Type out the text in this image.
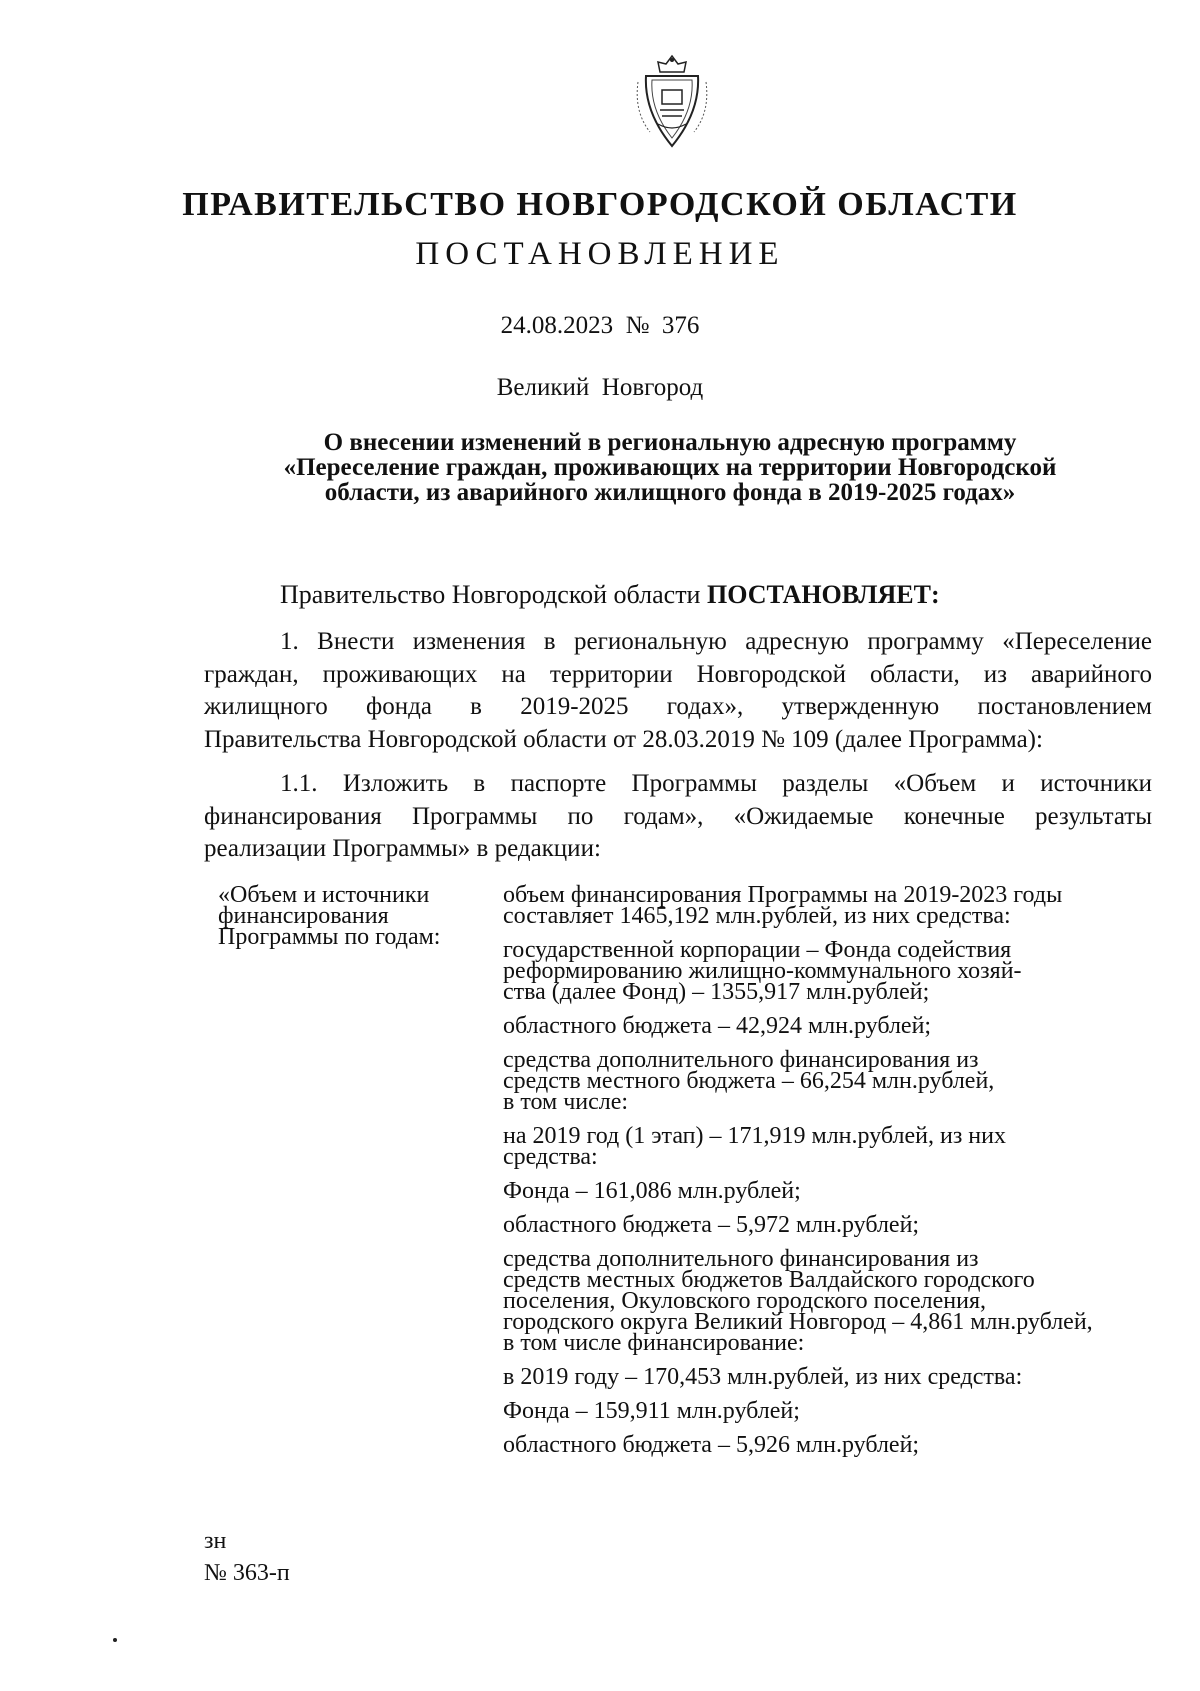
ПРАВИТЕЛЬСТВО НОВГОРОДСКОЙ ОБЛАСТИ
ПОСТАНОВЛЕНИЕ
24.08.2023  №  376
Великий  Новгород
О внесении изменений в региональную адресную программу
«Переселение граждан, проживающих на территории Новгородской
области, из аварийного жилищного фонда в 2019-2025 годах»
Правительство Новгородской области ПОСТАНОВЛЯЕТ:
1. Внести изменения в региональную адресную программу «Переселение
граждан, проживающих на территории Новгородской области, из аварийного
жилищного фонда в 2019-2025 годах», утвержденную постановлением
Правительства Новгородской области от 28.03.2019 № 109 (далее Программа):
1.1. Изложить в паспорте Программы разделы «Объем и источники
финансирования Программы по годам», «Ожидаемые конечные результаты
реализации Программы» в редакции:
«Объем и источники
финансирования
Программы по годам:
объем финансирования Программы на 2019-2023 годы
составляет 1465,192 млн.рублей, из них средства:
государственной корпорации – Фонда содействия
реформированию жилищно-коммунального хозяй-
ства (далее Фонд) – 1355,917 млн.рублей;
областного бюджета – 42,924 млн.рублей;
средства дополнительного финансирования из
средств местного бюджета – 66,254 млн.рублей,
в том числе:
на 2019 год (1 этап) – 171,919 млн.рублей, из них
средства:
Фонда – 161,086 млн.рублей;
областного бюджета – 5,972 млн.рублей;
средства дополнительного финансирования из
средств местных бюджетов Валдайского городского
поселения, Окуловского городского поселения,
городского округа Великий Новгород – 4,861 млн.рублей,
в том числе финансирование:
в 2019 году – 170,453 млн.рублей, из них средства:
Фонда – 159,911 млн.рублей;
областного бюджета – 5,926 млн.рублей;
зн
№ 363-п
